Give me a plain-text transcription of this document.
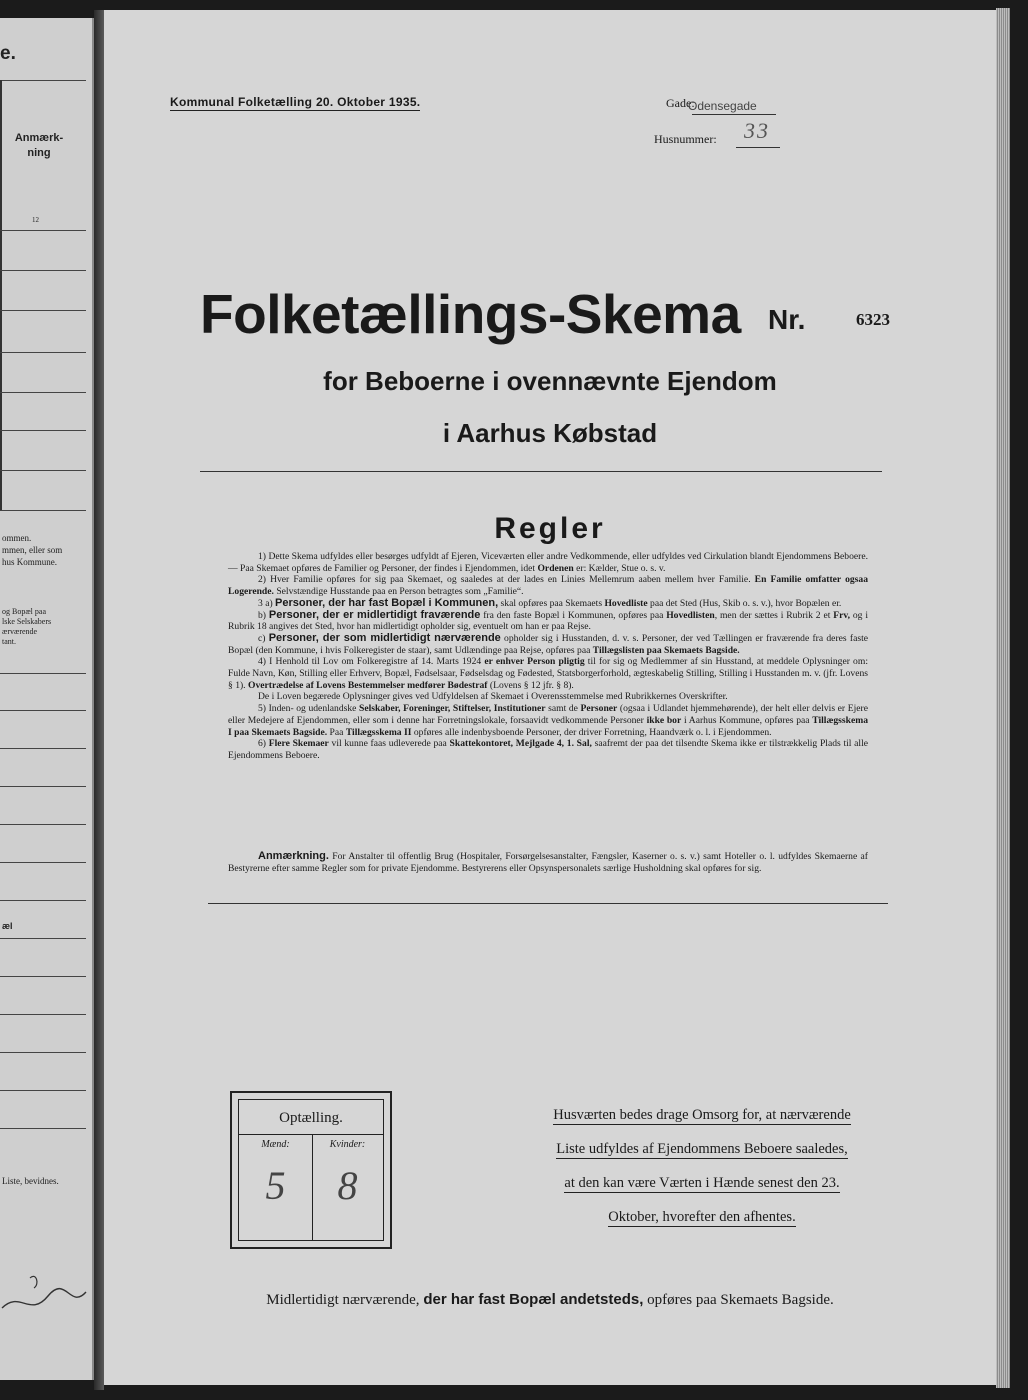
e.
Anmærk-ning
12
ommen.
mmen, eller som
hus Kommune.
og Bopæl paa
lske Selskabers
ærværende
tant.
æl
Liste, bevidnes.
Kommunal Folketælling 20. Oktober 1935.	Gade:
Odensegade
Husnummer: 33
Folketællings-Skema Nr.	6323
for Beboerne i ovennævnte Ejendom
i Aarhus Købstad
Regler

1) Dette Skema udfyldes eller besørges udfyldt af Ejeren, Viceværten eller andre Vedkommende, eller udfyldes ved Cirkulation blandt Ejendommens Beboere. — Paa Skemaet opføres de Familier og Personer, der findes i Ejendommen, idet Ordenen er: Kælder, Stue o. s. v.

2) Hver Familie opføres for sig paa Skemaet, og saaledes at der lades en Linies Mellemrum aaben mellem hver Familie. En Familie omfatter ogsaa Logerende. Selvstændige Husstande paa en Person betragtes som „Familie“.

3 a) Personer, der har fast Bopæl i Kommunen, skal opføres paa Skemaets Hovedliste paa det Sted (Hus, Skib o. s. v.), hvor Bopælen er.

b) Personer, der er midlertidigt fraværende fra den faste Bopæl i Kommunen, opføres paa Hovedlisten, men der sættes i Rubrik 2 et Frv, og i Rubrik 18 angives det Sted, hvor han midlertidigt opholder sig, eventuelt om han er paa Rejse.

c) Personer, der som midlertidigt nærværende opholder sig i Husstanden, d. v. s. Personer, der ved Tællingen er fraværende fra deres faste Bopæl (den Kommune, i hvis Folkeregister de staar), samt Udlændinge paa Rejse, opføres paa Tillægslisten paa Skemaets Bagside.

4) I Henhold til Lov om Folkeregistre af 14. Marts 1924 er enhver Person pligtig til for sig og Medlemmer af sin Husstand, at meddele Oplysninger om: Fulde Navn, Køn, Stilling eller Erhverv, Bopæl, Fødselsaar, Fødselsdag og Fødested, Statsborgerforhold, ægteskabelig Stilling, Stilling i Husstanden m. v. (jfr. Lovens § 1). Overtrædelse af Lovens Bestemmelser medfører Bødestraf (Lovens § 12 jfr. § 8).

De i Loven begærede Oplysninger gives ved Udfyldelsen af Skemaet i Overensstemmelse med Rubrikkernes Overskrifter.

5) Inden- og udenlandske Selskaber, Foreninger, Stiftelser, Institutioner samt de Personer (ogsaa i Udlandet hjemmehørende), der helt eller delvis er Ejere eller Medejere af Ejendommen, eller som i denne har Forretningslokale, forsaavidt vedkommende Personer ikke bor i Aarhus Kommune, opføres paa Tillægsskema I paa Skemaets Bagside. Paa Tillægsskema II opføres alle indenbysboende Personer, der driver Forretning, Haandværk o. l. i Ejendommen.

6) Flere Skemaer vil kunne faas udleverede paa Skattekontoret, Mejlgade 4, 1. Sal, saafremt der paa det tilsendte Skema ikke er tilstrækkelig Plads til alle Ejendommens Beboere.

Anmærkning. For Anstalter til offentlig Brug (Hospitaler, Forsørgelsesanstalter, Fængsler, Kaserner o. s. v.) samt Hoteller o. l. udfyldes Skemaerne af Bestyrerne efter samme Regler som for private Ejendomme. Bestyrerens eller Opsynspersonalets særlige Husholdning skal opføres for sig.

Optælling.
Mænd:	Kvinder:
5	8
Husværten bedes drage Omsorg for, at nærværende
Liste udfyldes af Ejendommens Beboere saaledes,
at den kan være Værten i Hænde senest den 23.
Oktober, hvorefter den afhentes.
Midlertidigt nærværende, der har fast Bopæl andetsteds, opføres paa Skemaets Bagside.
